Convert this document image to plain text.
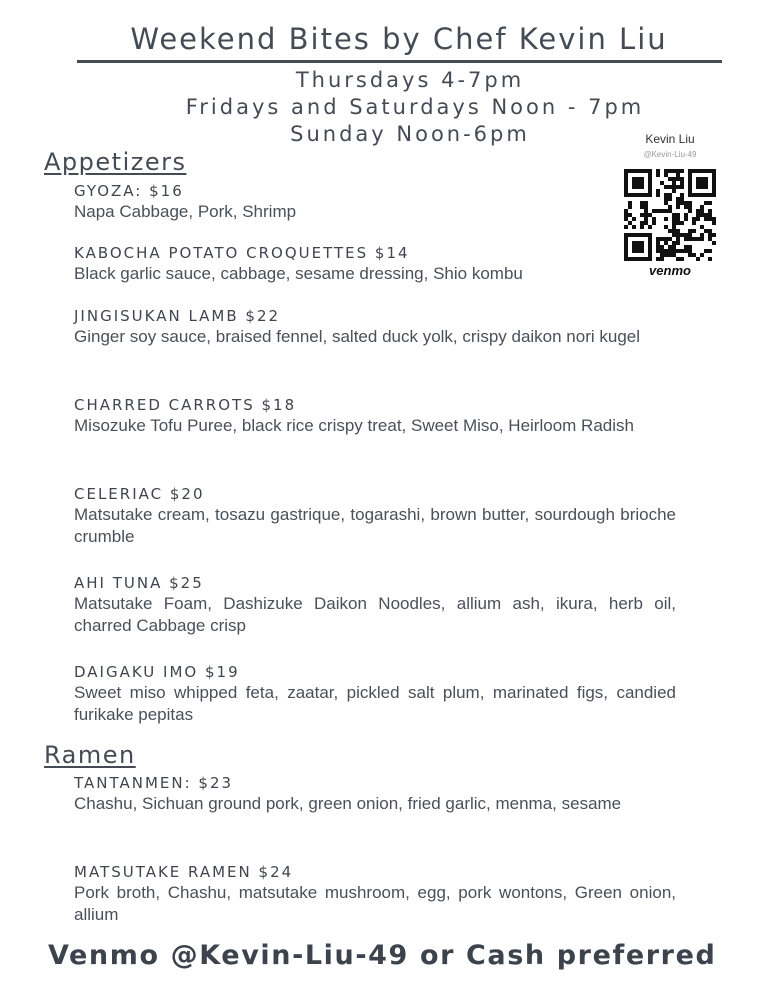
Weekend Bites by Chef Kevin Liu

Thursdays 4-7pm

Fridays and Saturdays Noon - 7pm

Sunday Noon-6pm	Kevin Liu
@Kevin-Liu-49
venmo
Appetizers

GYOZA: $16

Napa Cabbage, Pork, Shrimp

KABOCHA POTATO CROQUETTES $14

Black garlic sauce, cabbage, sesame dressing, Shio kombu

JINGISUKAN LAMB $22

Ginger soy sauce, braised fennel, salted duck yolk, crispy daikon nori kugel

CHARRED CARROTS $18

Misozuke Tofu Puree, black rice crispy treat, Sweet Miso, Heirloom Radish

CELERIAC $20

Matsutake cream, tosazu gastrique, togarashi, brown butter, sourdough brioche crumble

AHI TUNA $25

Matsutake Foam, Dashizuke Daikon Noodles, allium ash, ikura, herb oil, charred Cabbage crisp

DAIGAKU IMO $19

Sweet miso whipped feta, zaatar, pickled salt plum, marinated figs, candied furikake pepitas

Ramen

TANTANMEN: $23

Chashu, Sichuan ground pork, green onion, fried garlic, menma, sesame

MATSUTAKE RAMEN $24

Pork broth, Chashu, matsutake mushroom, egg, pork wontons, Green onion, allium

Venmo @Kevin-Liu-49 or Cash preferred
